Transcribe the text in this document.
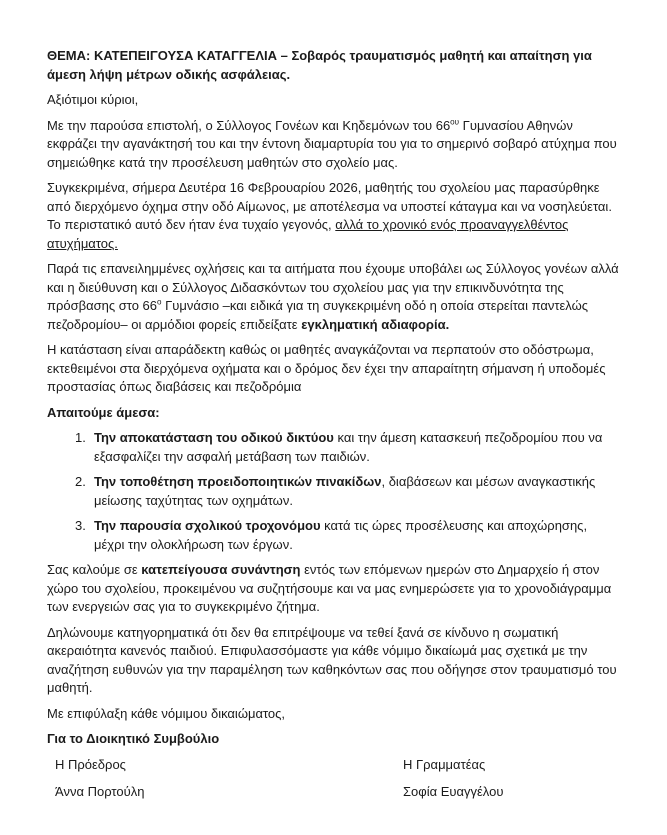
ΘΕΜΑ: ΚΑΤΕΠΕΙΓΟΥΣΑ ΚΑΤΑΓΓΕΛΙΑ – Σοβαρός τραυματισμός μαθητή και απαίτηση για άμεση λήψη μέτρων οδικής ασφάλειας.

Αξιότιμοι κύριοι,

Με την παρούσα επιστολή, ο Σύλλογος Γονέων και Κηδεμόνων του $66^{o\upsilon}$ Γυμνασίου Αθηνών εκφράζει την αγανάκτησή του και την έντονη διαμαρτυρία του για το σημερινό σοβαρό ατύχημα που σημειώθηκε κατά την προσέλευση μαθητών στο σχολείο μας.

Συγκεκριμένα, σήμερα Δευτέρα 16 Φεβρουαρίου 2026, μαθητής του σχολείου μας παρασύρθηκε από διερχόμενο όχημα στην οδό Αίμωνος, με αποτέλεσμα να υποστεί κάταγμα και να νοσηλεύεται. Το περιστατικό αυτό δεν ήταν ένα τυχαίο γεγονός, αλλά το χρονικό ενός προαναγγελθέντος ατυχήματος.

Παρά τις επανειλημμένες οχλήσεις και τα αιτήματα που έχουμε υποβάλει ως Σύλλογος γονέων αλλά και η διεύθυνση και ο Σύλλογος Διδασκόντων του σχολείου μας για την επικινδυνότητα της πρόσβασης στο $66^o$ Γυμνάσιο –και ειδικά για τη συγκεκριμένη οδό η οποία στερείται παντελώς πεζοδρομίου– οι αρμόδιοι φορείς επιδείξατε εγκληματική αδιαφορία.

Η κατάσταση είναι απαράδεκτη καθώς οι μαθητές αναγκάζονται να περπατούν στο οδόστρωμα, εκτεθειμένοι στα διερχόμενα οχήματα και ο δρόμος δεν έχει την απαραίτητη σήμανση ή υποδομές προστασίας όπως διαβάσεις και πεζοδρόμια

Απαιτούμε άμεσα:

1. Την αποκατάσταση του οδικού δικτύου και την άμεση κατασκευή πεζοδρομίου που να εξασφαλίζει την ασφαλή μετάβαση των παιδιών.
2. Την τοποθέτηση προειδοποιητικών πινακίδων, διαβάσεων και μέσων αναγκαστικής μείωσης ταχύτητας των οχημάτων.
3. Την παρουσία σχολικού τροχονόμου κατά τις ώρες προσέλευσης και αποχώρησης, μέχρι την ολοκλήρωση των έργων.

Σας καλούμε σε κατεπείγουσα συνάντηση εντός των επόμενων ημερών στο Δημαρχείο ή στον χώρο του σχολείου, προκειμένου να συζητήσουμε και να μας ενημερώσετε για το χρονοδιάγραμμα των ενεργειών σας για το συγκεκριμένο ζήτημα.

Δηλώνουμε κατηγορηματικά ότι δεν θα επιτρέψουμε να τεθεί ξανά σε κίνδυνο η σωματική ακεραιότητα κανενός παιδιού. Επιφυλασσόμαστε για κάθε νόμιμο δικαίωμά μας σχετικά με την αναζήτηση ευθυνών για την παραμέληση των καθηκόντων σας που οδήγησε στον τραυματισμό του μαθητή.

Με επιφύλαξη κάθε νόμιμου δικαιώματος,

Για το Διοικητικό Συμβούλιο

Η Πρόεδρος	Η Γραμματέας
Άννα Πορτούλη	Σοφία Ευαγγέλου
